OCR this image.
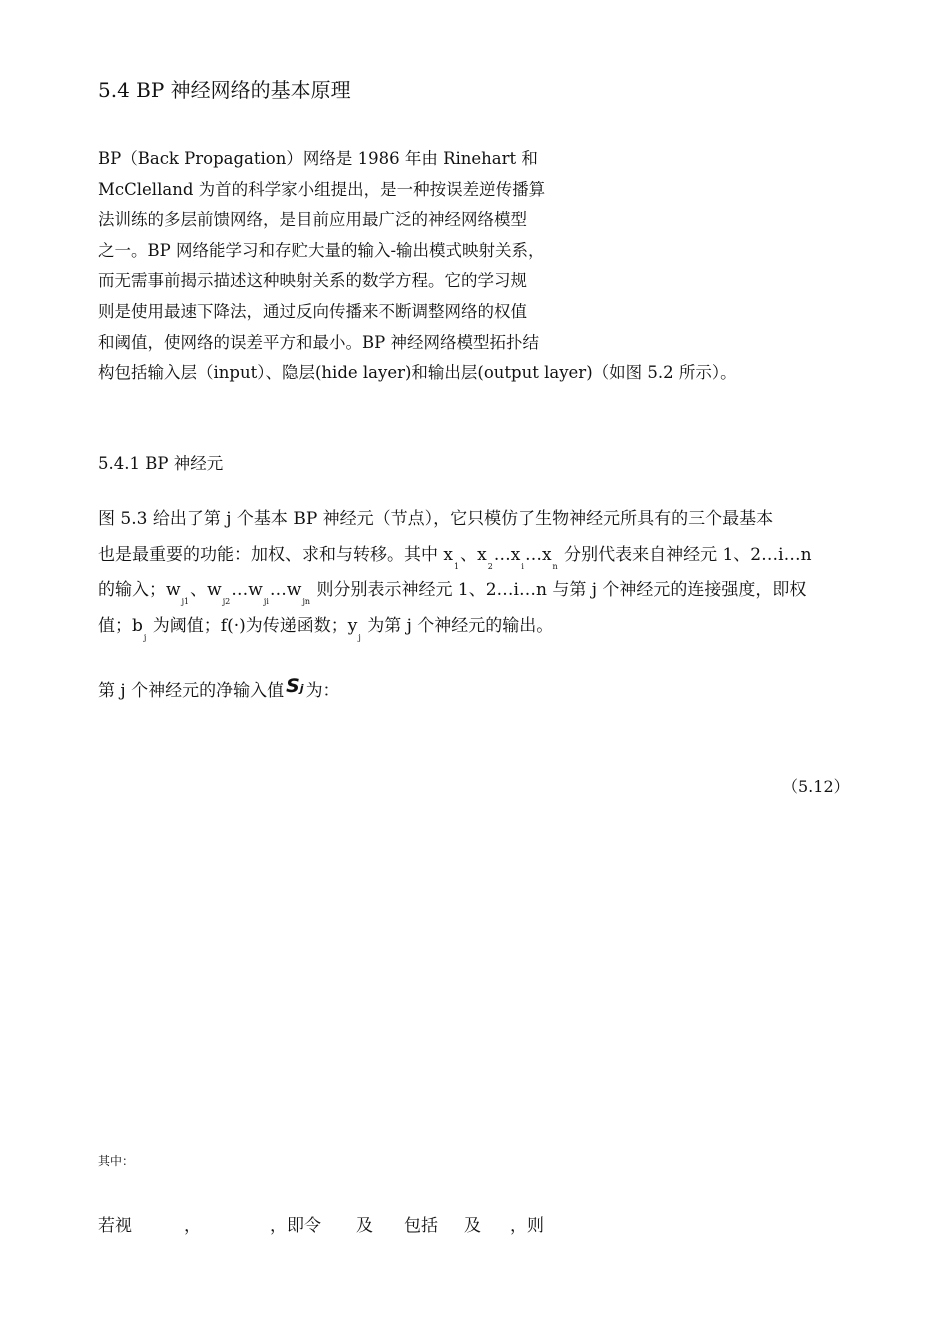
5.4 BP 神经网络的基本原理
BP（Back Propagation）网络是 1986 年由 Rinehart 和
McClelland 为首的科学家小组提出，是一种按误差逆传播算
法训练的多层前馈网络，是目前应用最广泛的神经网络模型
之一。BP 网络能学习和存贮大量的输入-输出模式映射关系，
而无需事前揭示描述这种映射关系的数学方程。它的学习规
则是使用最速下降法，通过反向传播来不断调整网络的权值
和阈值，使网络的误差平方和最小。BP 神经网络模型拓扑结
构包括输入层（input）、隐层(hide layer)和输出层(output layer)（如图 5.2 所示）。
5.4.1 BP 神经元
图 5.3 给出了第 j 个基本 BP 神经元（节点），它只模仿了生物神经元所具有的三个最基本
也是最重要的功能：加权、求和与转移。其中 $x_1$、$x_2\dots x_i\dots x_n$ 分别代表来自神经元 1、2…i…n
的输入；$w_{j1}$、$w_{j2}\dots w_{ji}\dots w_{jn}$ 则分别表示神经元 1、2…i…n 与第 j 个神经元的连接强度，即权
值；$b_j$ 为阈值；f(·)为传递函数；$y_j$ 为第 j 个神经元的输出。

第 j 个神经元的净输入值 Sj 为：

（5.12）
其中：
若视	，	，即令 及 包括 及 ，则
